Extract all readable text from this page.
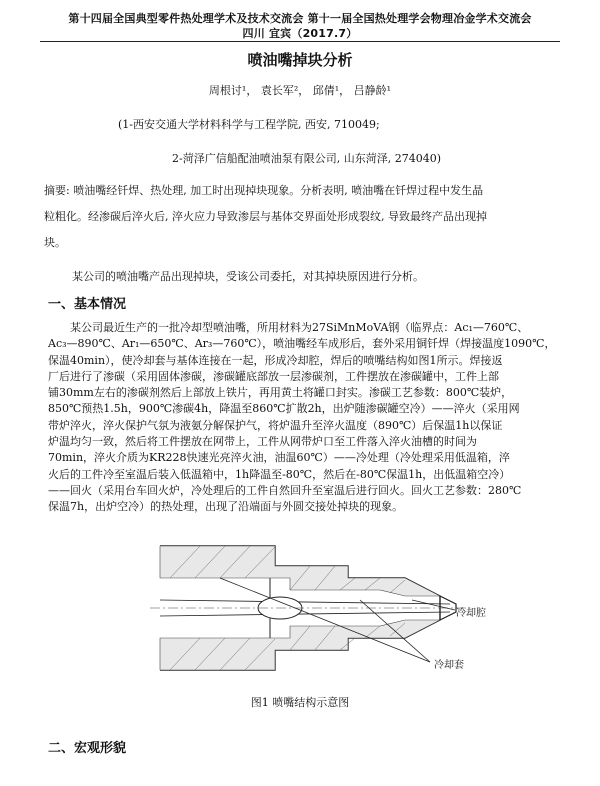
第十四届全国典型零件热处理学术及技术交流会 第十一届全国热处理学会物理冶金学术交流会
四川 宜宾（2017.7）
喷油嘴掉块分析
周根讨¹， 袁长军²， 邱倩¹， 吕静龄¹
(1-西安交通大学材料科学与工程学院, 西安, 710049;
2-菏泽广信船配油喷油泵有限公司, 山东菏泽, 274040)
摘要: 喷油嘴经钎焊、热处理, 加工时出现掉块现象。分析表明, 喷油嘴在钎焊过程中发生晶
粒粗化。经渗碳后淬火后, 淬火应力导致渗层与基体交界面处形成裂纹, 导致最终产品出现掉
块。
某公司的喷油嘴产品出现掉块，受该公司委托，对其掉块原因进行分析。
一、基本情况
某公司最近生产的一批冷却型喷油嘴，所用材料为27SiMnMoVA钢（临界点：Ac₁—760℃、
Ac₃—890℃、Ar₁—650℃、Ar₃—760℃），喷油嘴经车成形后，套外采用铜钎焊（焊接温度1090℃，
保温40min），使冷却套与基体连接在一起，形成冷却腔，焊后的喷嘴结构如图1所示。焊接返
厂后进行了渗碳（采用固体渗碳，渗碳罐底部放一层渗碳剂，工件摆放在渗碳罐中，工件上部
铺30mm左右的渗碳剂然后上部放上铁片，再用黄土将罐口封实。渗碳工艺参数：800℃装炉，
850℃预热1.5h，900℃渗碳4h，降温至860℃扩散2h，出炉随渗碳罐空冷）——淬火（采用网
带炉淬火，淬火保护气氛为液氨分解保护气，将炉温升至淬火温度（890℃）后保温1h以保证
炉温均匀一致，然后将工件摆放在网带上，工件从网带炉口至工件落入淬火油槽的时间为
70min，淬火介质为KR228快速光亮淬火油，油温60℃）——冷处理（冷处理采用低温箱，淬
火后的工件冷至室温后装入低温箱中，1h降温至-80℃，然后在-80℃保温1h，出低温箱空冷）
——回火（采用台车回火炉，冷处理后的工件自然回升至室温后进行回火。回火工艺参数：280℃
保温7h，出炉空冷）的热处理，出现了沿端面与外圆交接处掉块的现象。
冷却腔
冷却套
图1 喷嘴结构示意图
二、宏观形貌
